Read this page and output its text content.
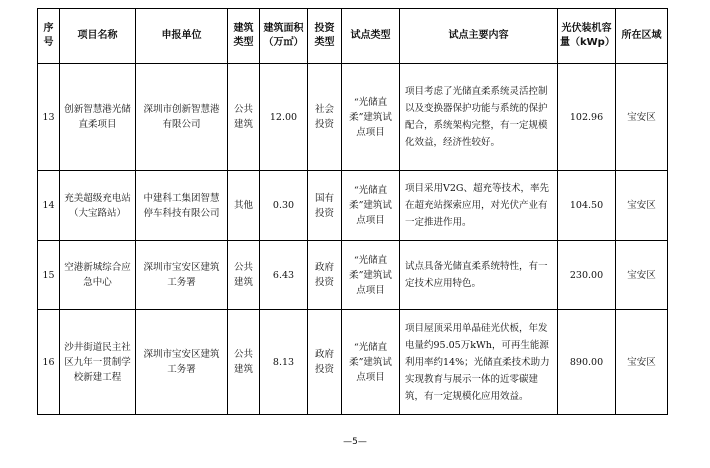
序号	项目名称	申报单位	建筑类型	建筑面积（万㎡）	投资类型	试点类型	试点主要内容	光伏装机容量（kWp）	所在区域
13	创新智慧港光储直柔项目	深圳市创新智慧港有限公司	公共建筑	12.00	社会投资	“光储直柔”建筑试点项目	项目考虑了光储直柔系统灵活控制以及变换器保护功能与系统的保护配合，系统架构完整，有一定规模化效益，经济性较好。	102.96	宝安区
14	充美超级充电站（大宝路站）	中建科工集团智慧停车科技有限公司	其他	0.30	国有投资	“光储直柔”建筑试点项目	项目采用V2G、超充等技术，率先在超充站探索应用，对光伏产业有一定推进作用。	104.50	宝安区
15	空港新城综合应急中心	深圳市宝安区建筑工务署	公共建筑	6.43	政府投资	“光储直柔”建筑试点项目	试点具备光储直柔系统特性，有一定技术应用特色。	230.00	宝安区
16	沙井街道民主社区九年一贯制学校新建工程	深圳市宝安区建筑工务署	公共建筑	8.13	政府投资	“光储直柔”建筑试点项目	项目屋顶采用单晶硅光伏板，年发电量约95.05万kWh，可再生能源利用率约14%；光储直柔技术助力实现教育与展示一体的近零碳建筑，有一定规模化应用效益。	890.00	宝安区
—5—
